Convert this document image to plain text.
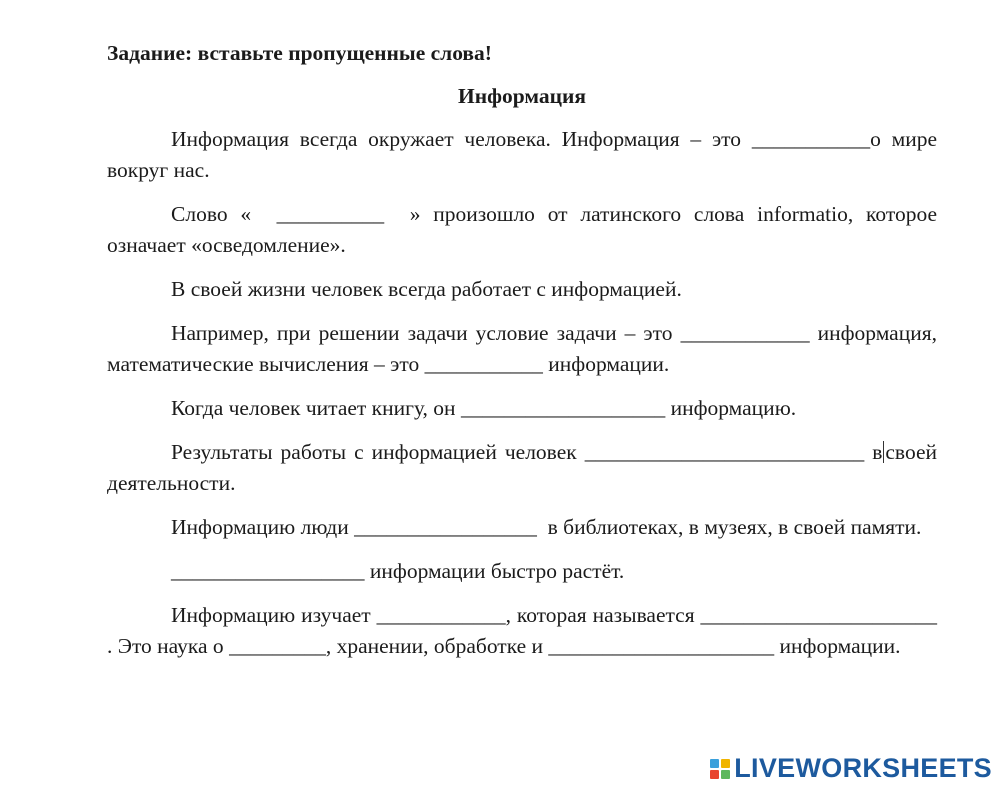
Задание: вставьте пропущенные слова!
Информация

Информация всегда окружает человека. Информация – это ___________о мире вокруг нас.

Слово « __________ » произошло от латинского слова informatio, которое означает «осведомление».

В своей жизни человек всегда работает с информацией.

Например, при решении задачи условие задачи – это ____________ информация, математические вычисления – это ___________ информации.

Когда человек читает книгу, он ___________________ информацию.

Результаты работы с информацией человек __________________________ в своей деятельности.

Информацию люди _________________ в библиотеках, в музеях, в своей памяти.

__________________ информации быстро растёт.

Информацию изучает ____________, которая называется ______________________ . Это наука о _________, хранении, обработке и _____________________ информации.

LIVEWORKSHEETS
